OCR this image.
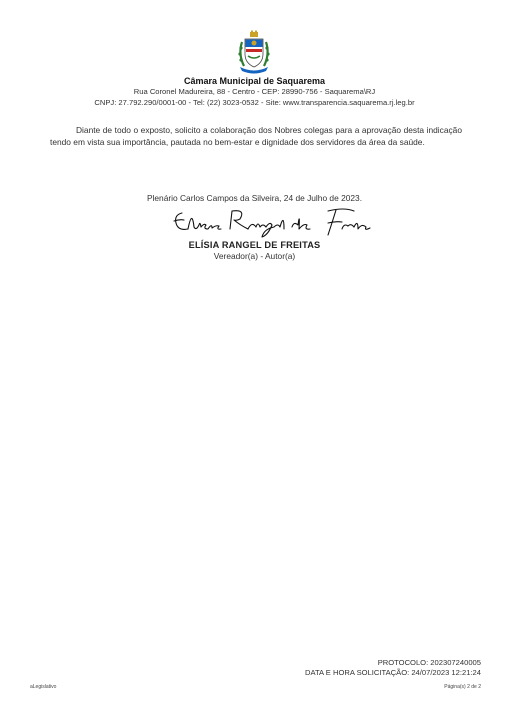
Câmara Municipal de Saquarema
Rua Coronel Madureira, 88 - Centro - CEP: 28990-756 - Saquarema\RJ
CNPJ: 27.792.290/0001-00 - Tel: (22) 3023-0532 - Site: www.transparencia.saquarema.rj.leg.br

Diante de todo o exposto, solicito a colaboração dos Nobres colegas para a aprovação desta indicação tendo em vista sua importância, pautada no bem-estar e dignidade dos servidores da área da saúde.

Plenário Carlos Campos da Silveira, 24 de Julho de 2023.
ELÍSIA RANGEL DE FREITAS
Vereador(a) - Autor(a)
PROTOCOLO: 202307240005
DATA E HORA SOLICITAÇÃO: 24/07/2023 12:21:24
aLegislativo	Página(s) 2 de 2
